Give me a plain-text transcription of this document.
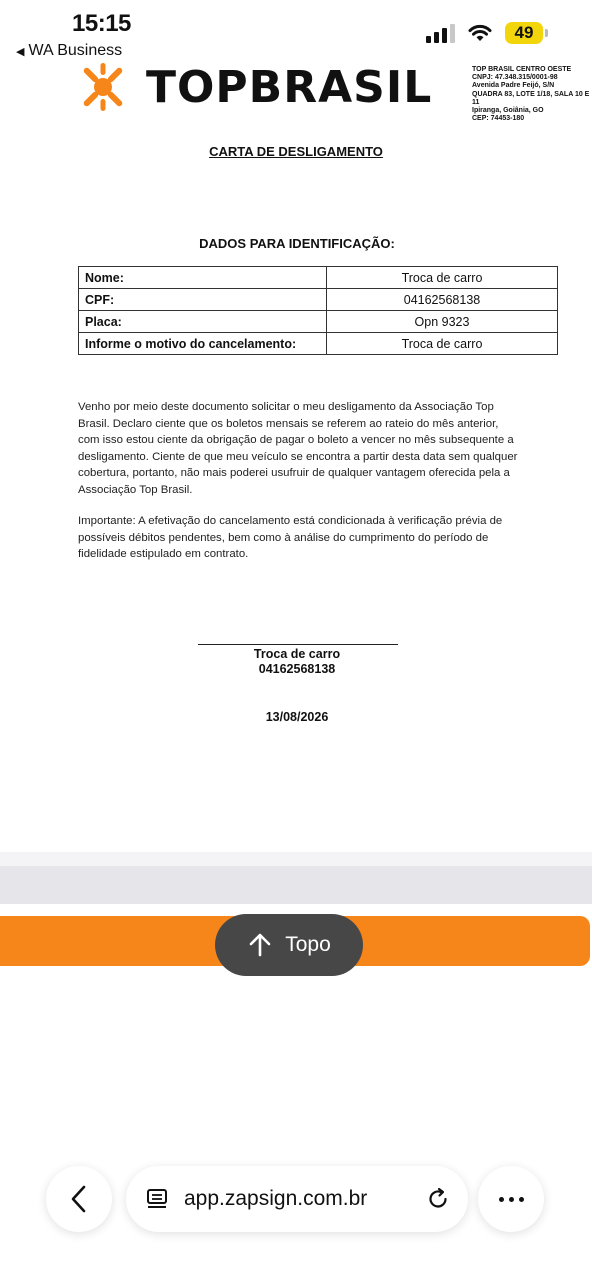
15:15
◀ WA Business
49
TOPBRASIL	TOP BRASIL CENTRO OESTE
CNPJ: 47.348.315/0001-98
Avenida Padre Feijó, S/N
QUADRA 83, LOTE 1/18, SALA 10 E 11
Ipiranga, Goiânia, GO
CEP: 74453-180
CARTA DE DESLIGAMENTO
DADOS PARA IDENTIFICAÇÃO:
Nome:	Troca de carro
CPF:	04162568138
Placa:	Opn 9323
Informe o motivo do cancelamento:	Troca de carro

Venho por meio deste documento solicitar o meu desligamento da Associação Top Brasil. Declaro ciente que os boletos mensais se referem ao rateio do mês anterior, com isso estou ciente da obrigação de pagar o boleto a vencer no mês subsequente a desligamento. Ciente de que meu veículo se encontra a partir desta data sem qualquer cobertura, portanto, não mais poderei usufruir de qualquer vantagem oferecida pela a Associação Top Brasil.

Importante: A efetivação do cancelamento está condicionada à verificação prévia de possíveis débitos pendentes, bem como à análise do cumprimento do período de fidelidade estipulado em contrato.

Troca de carro
04162568138
13/08/2026
Topo
app.zapsign.com.br
